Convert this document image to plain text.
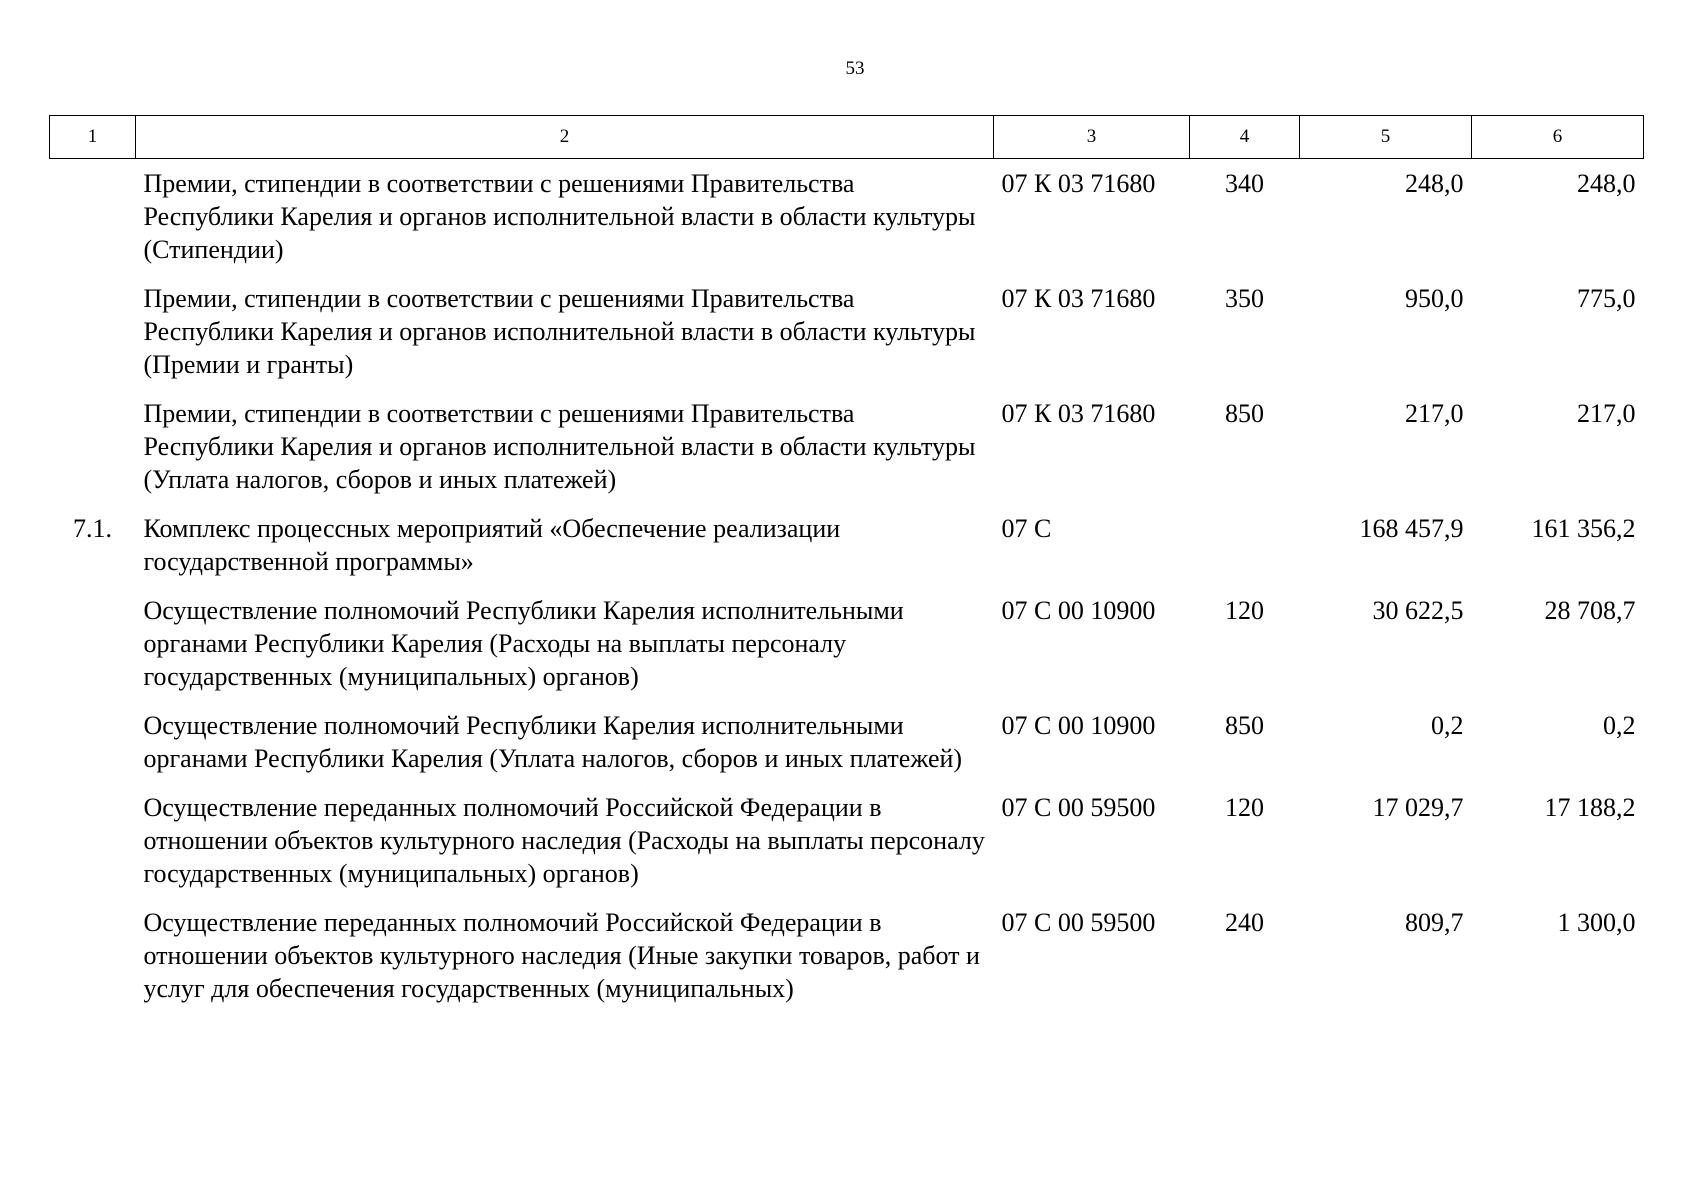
53
1	2	3	4	5	6
	Премии, стипендии в соответствии с решениями Правительства Республики Карелия и органов исполнительной власти в области культуры (Стипендии)	07 К 03 71680	340	248,0	248,0
	Премии, стипендии в соответствии с решениями Правительства Республики Карелия и органов исполнительной власти в области культуры (Премии и гранты)	07 К 03 71680	350	950,0	775,0
	Премии, стипендии в соответствии с решениями Правительства Республики Карелия и органов исполнительной власти в области культуры (Уплата налогов, сборов и иных платежей)	07 К 03 71680	850	217,0	217,0
7.1.	Комплекс процессных мероприятий «Обеспечение реализации государственной программы»	07 С		168 457,9	161 356,2
	Осуществление полномочий Республики Карелия исполнительными органами Республики Карелия (Расходы на выплаты персоналу государственных (муниципальных) органов)	07 С 00 10900	120	30 622,5	28 708,7
	Осуществление полномочий Республики Карелия исполнительными органами Республики Карелия (Уплата налогов, сборов и иных платежей)	07 С 00 10900	850	0,2	0,2
	Осуществление переданных полномочий Российской Федерации в отношении объектов культурного наследия (Расходы на выплаты персоналу государственных (муниципальных) органов)	07 С 00 59500	120	17 029,7	17 188,2
	Осуществление переданных полномочий Российской Федерации в отношении объектов культурного наследия (Иные закупки товаров, работ и услуг для обеспечения государственных (муниципальных)	07 С 00 59500	240	809,7	1 300,0
